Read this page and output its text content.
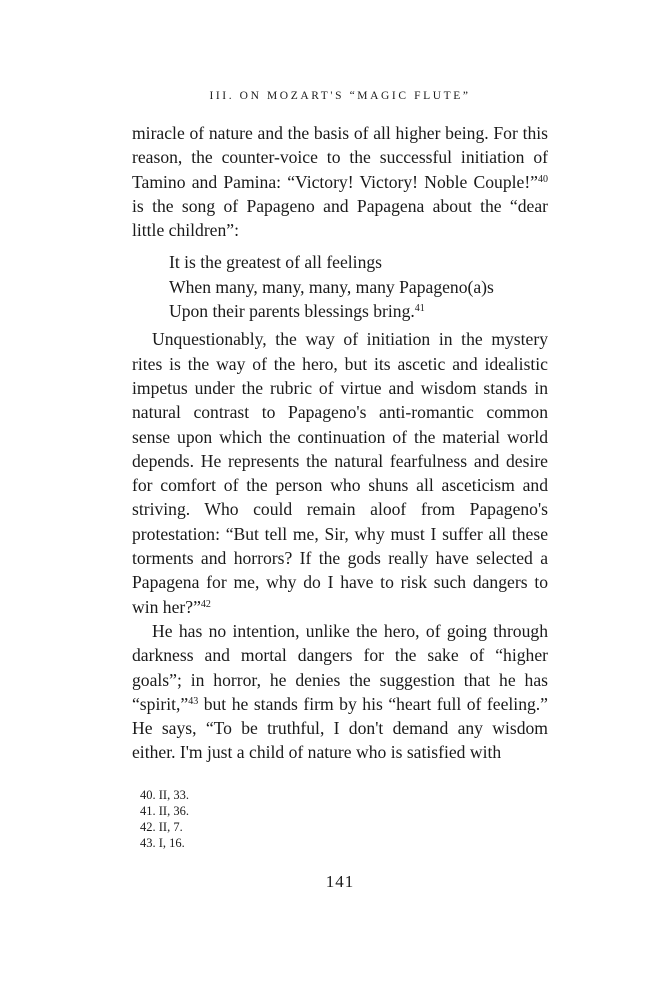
III. ON MOZART'S “MAGIC FLUTE”

miracle of nature and the basis of all higher being. For this reason, the counter-voice to the successful initiation of Tamino and Pamina: “Victory! Victory! Noble Couple!”$^{40}$ is the song of Papageno and Papagena about the “dear little children”:

It is the greatest of all feelings
When many, many, many, many Papageno(a)s
Upon their parents blessings bring.$^{41}$

Unquestionably, the way of initiation in the mystery rites is the way of the hero, but its ascetic and idealistic impetus under the rubric of virtue and wisdom stands in natural contrast to Papageno's anti-romantic common sense upon which the continuation of the material world depends. He represents the natural fearfulness and desire for comfort of the person who shuns all asceticism and striving. Who could remain aloof from Papageno's protestation: “But tell me, Sir, why must I suffer all these torments and horrors? If the gods really have selected a Papagena for me, why do I have to risk such dangers to win her?”$^{42}$

He has no intention, unlike the hero, of going through darkness and mortal dangers for the sake of “higher goals”; in horror, he denies the suggestion that he has “spirit,”$^{43}$ but he stands firm by his “heart full of feeling.” He says, “To be truthful, I don't demand any wisdom either. I'm just a child of nature who is satisfied with

40. II, 33.
41. II, 36.
42. II, 7.
43. I, 16.
141
